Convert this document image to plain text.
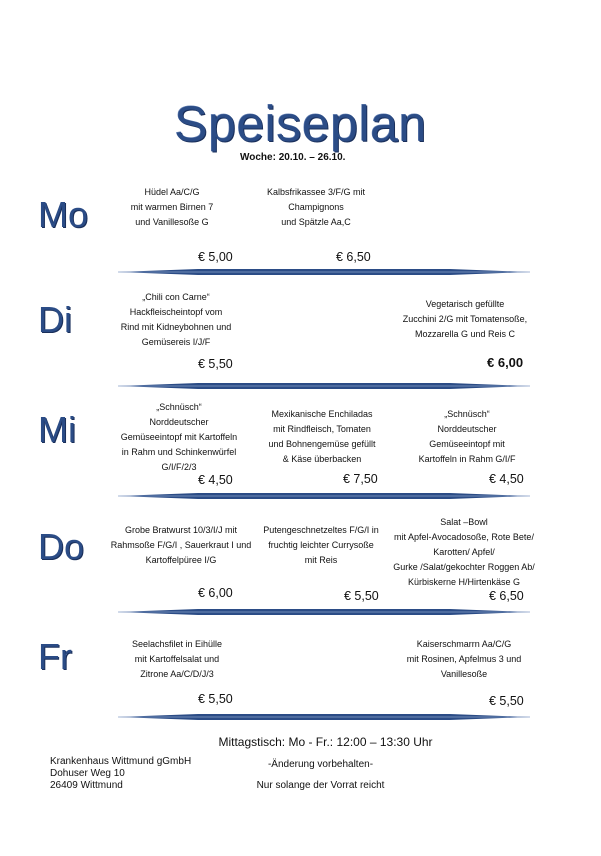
Speiseplan
Woche: 20.10. – 26.10.
Mo
Hüdel Aa/C/G
mit warmen Birnen 7
und Vanillesoße G
€ 5,00
Kalbsfrikassee 3/F/G mit
Champignons
und Spätzle Aa,C
€ 6,50
Di
„Chili con Carne“
Hackfleischeintopf vom
Rind mit Kidneybohnen und
Gemüsereis I/J/F
€ 5,50
Vegetarisch gefüllte
Zucchini 2/G mit Tomatensoße,
Mozzarella G und Reis C
€ 6,00
Mi
„Schnüsch“
Norddeutscher
Gemüseeintopf mit Kartoffeln
in Rahm und Schinkenwürfel
G/I/F/2/3
€ 4,50
Mexikanische Enchiladas
mit Rindfleisch, Tomaten
und Bohnengemüse gefüllt
& Käse überbacken
€ 7,50
„Schnüsch“
Norddeutscher
Gemüseeintopf mit
Kartoffeln in Rahm G/I/F
€ 4,50
Do	Grobe Bratwurst 10/3/I/J mit
Rahmsoße F/G/I , Sauerkraut I und
Kartoffelpüree I/G
€ 6,00
Putengeschnetzeltes F/G/I in
fruchtig leichter Currysoße
mit Reis
€ 5,50
Salat –Bowl
mit Apfel-Avocadosoße, Rote Bete/
Karotten/ Apfel/
Gurke /Salat/gekochter Roggen Ab/
Kürbiskerne H/Hirtenkäse G
€ 6,50
Fr	Seelachsfilet in Eihülle
mit Kartoffelsalat und
Zitrone Aa/C/D/J/3
€ 5,50
Kaiserschmarrn Aa/C/G
mit Rosinen, Apfelmus 3 und
Vanillesoße
€ 5,50
Mittagstisch: Mo - Fr.: 12:00 – 13:30 Uhr
Krankenhaus Wittmund gGmbH
Dohuser Weg 10
26409 Wittmund
-Änderung vorbehalten-
Nur solange der Vorrat reicht
